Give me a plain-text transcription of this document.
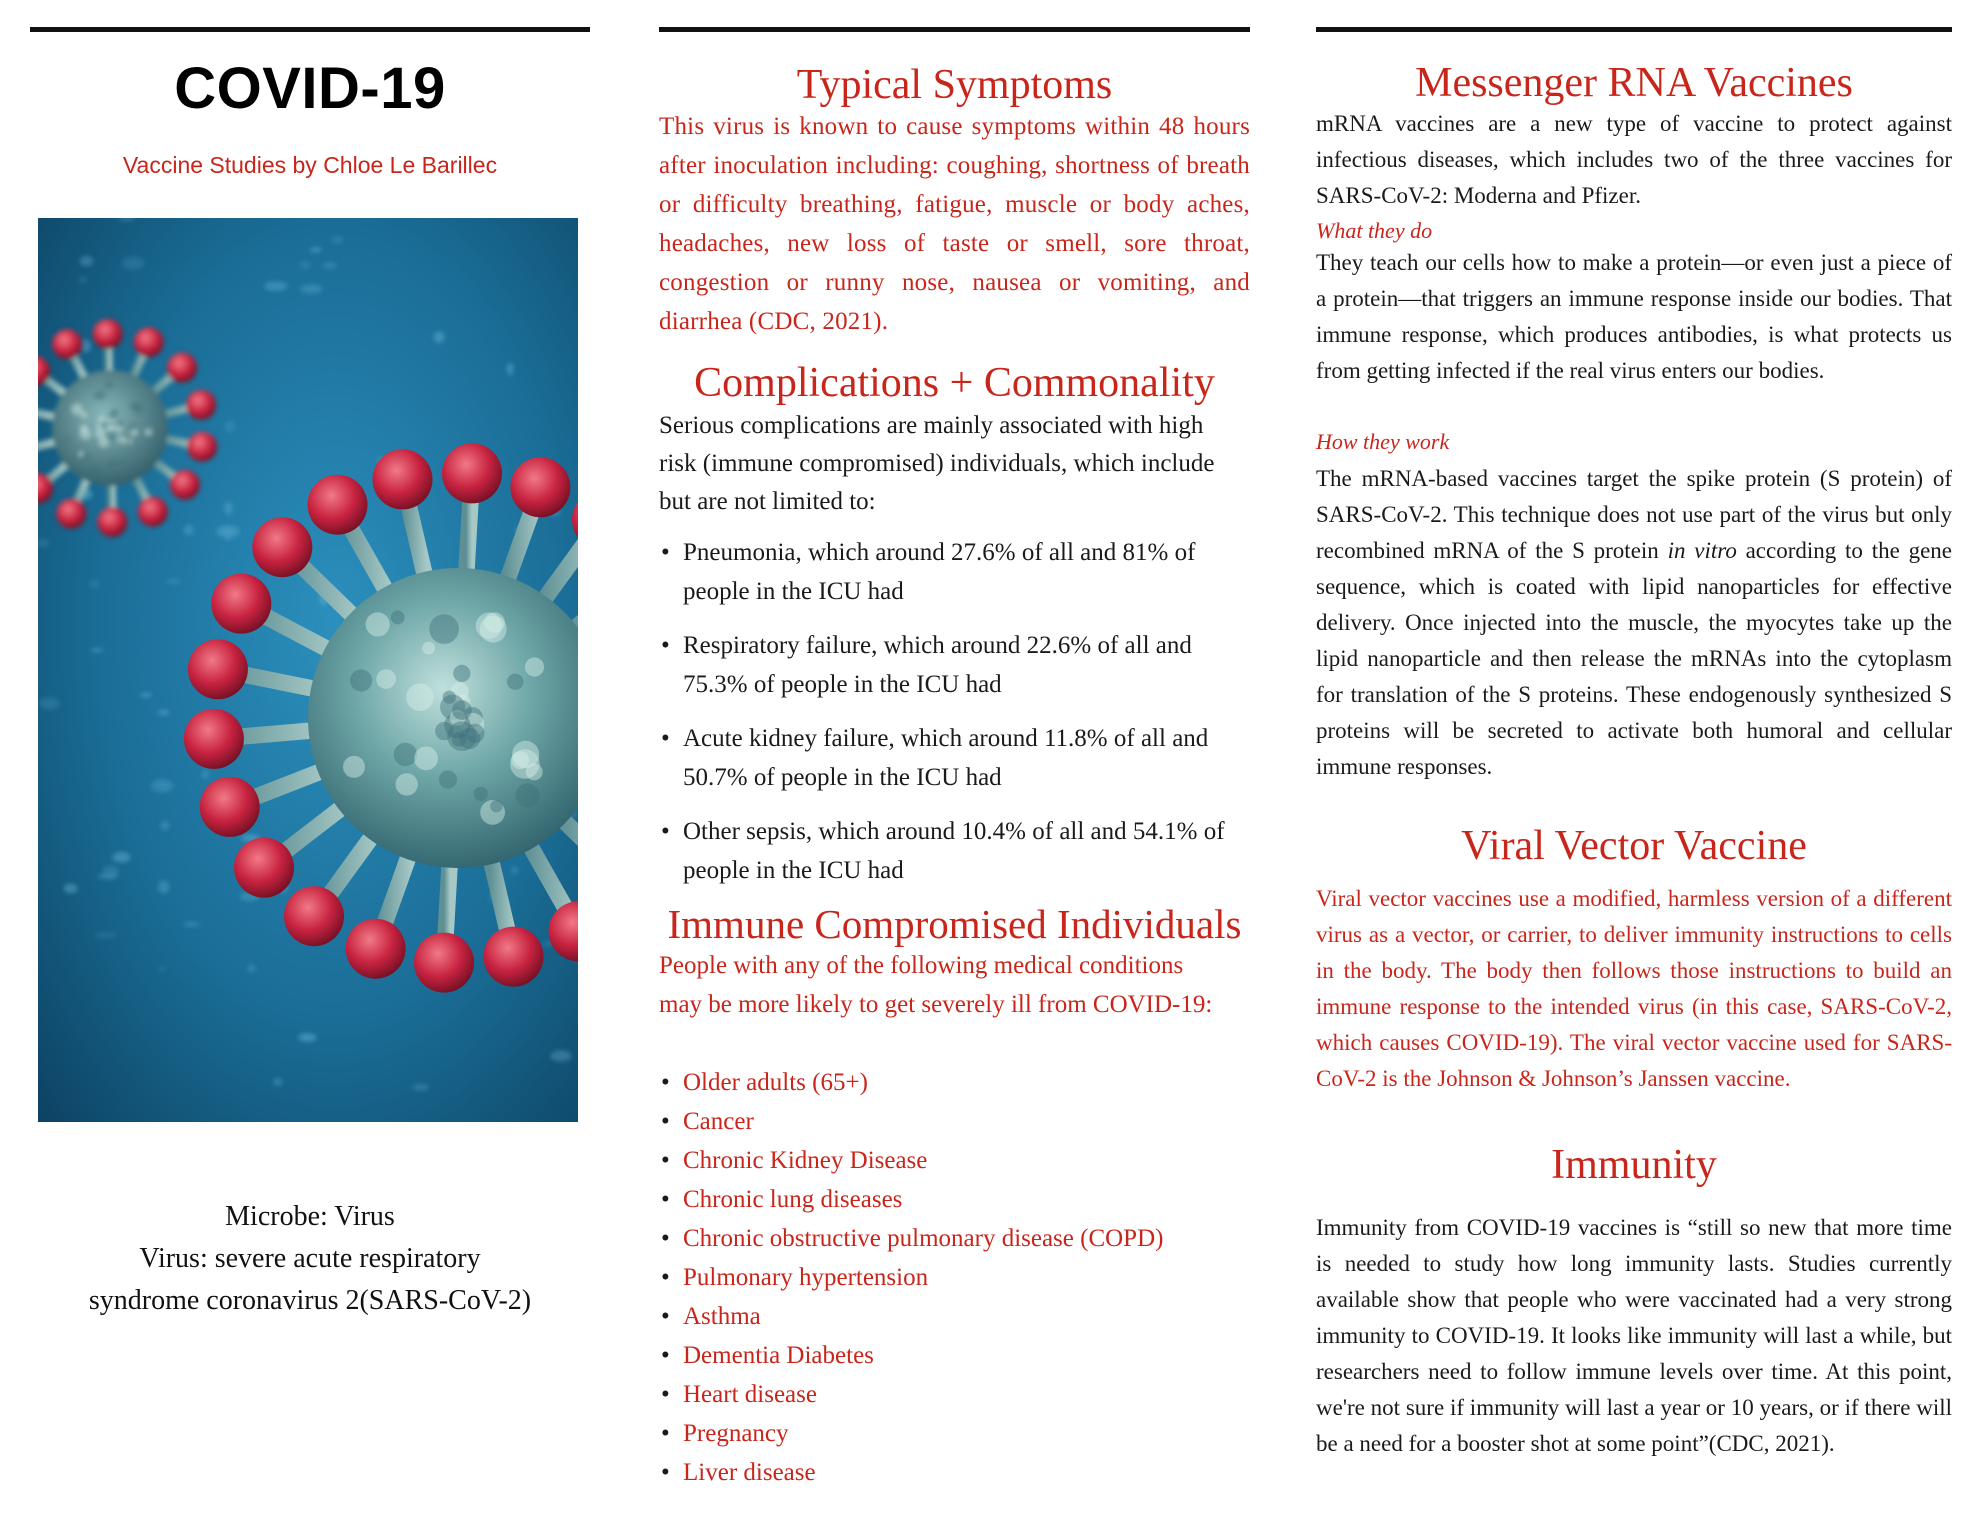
COVID-19
Vaccine Studies by Chloe Le Barillec
Microbe: Virus
Virus: severe acute respiratory
syndrome coronavirus 2(SARS-CoV-2)
Typical Symptoms
This virus is known to cause symptoms within 48 hours after inoculation including: coughing, shortness of breath or difficulty breathing, fatigue, muscle or body aches, headaches, new loss of taste or smell, sore throat, congestion or runny nose, nausea or vomiting, and diarrhea (CDC, 2021).
Complications + Commonality
Serious complications are mainly associated with high risk (immune compromised) individuals, which include but are not limited to:
• Pneumonia, which around 27.6% of all and 81% of people in the ICU had
• Respiratory failure, which around 22.6% of all and 75.3% of people in the ICU had
• Acute kidney failure, which around 11.8% of all and 50.7% of people in the ICU had
• Other sepsis, which around 10.4% of all and 54.1% of people in the ICU had
Immune Compromised Individuals
People with any of the following medical conditions may be more likely to get severely ill from COVID-19:
• Older adults (65+)
• Cancer
• Chronic Kidney Disease
• Chronic lung diseases
• Chronic obstructive pulmonary disease (COPD)
• Pulmonary hypertension
• Asthma
• Dementia Diabetes
• Heart disease
• Pregnancy
• Liver disease
Messenger RNA Vaccines
mRNA vaccines are a new type of vaccine to protect against infectious diseases, which includes two of the three vaccines for SARS-CoV-2: Moderna and Pfizer.
What they do
They teach our cells how to make a protein—or even just a piece of a protein—that triggers an immune response inside our bodies. That immune response, which produces antibodies, is what protects us from getting infected if the real virus enters our bodies.
How they work
The mRNA-based vaccines target the spike protein (S protein) of SARS-CoV-2. This technique does not use part of the virus but only recombined mRNA of the S protein in vitro according to the gene sequence, which is coated with lipid nanoparticles for effective delivery. Once injected into the muscle, the myocytes take up the lipid nanoparticle and then release the mRNAs into the cytoplasm for translation of the S proteins. These endogenously synthesized S proteins will be secreted to activate both humoral and cellular immune responses.
Viral Vector Vaccine
Viral vector vaccines use a modified, harmless version of a different virus as a vector, or carrier, to deliver immunity instructions to cells in the body. The body then follows those instructions to build an immune response to the intended virus (in this case, SARS-CoV-2, which causes COVID-19). The viral vector vaccine used for SARS-CoV-2 is the Johnson & Johnson’s Janssen vaccine.
Immunity
Immunity from COVID-19 vaccines is “still so new that more time is needed to study how long immunity lasts. Studies currently available show that people who were vaccinated had a very strong immunity to COVID-19. It looks like immunity will last a while, but researchers need to follow immune levels over time. At this point, we're not sure if immunity will last a year or 10 years, or if there will be a need for a booster shot at some point”(CDC, 2021).
